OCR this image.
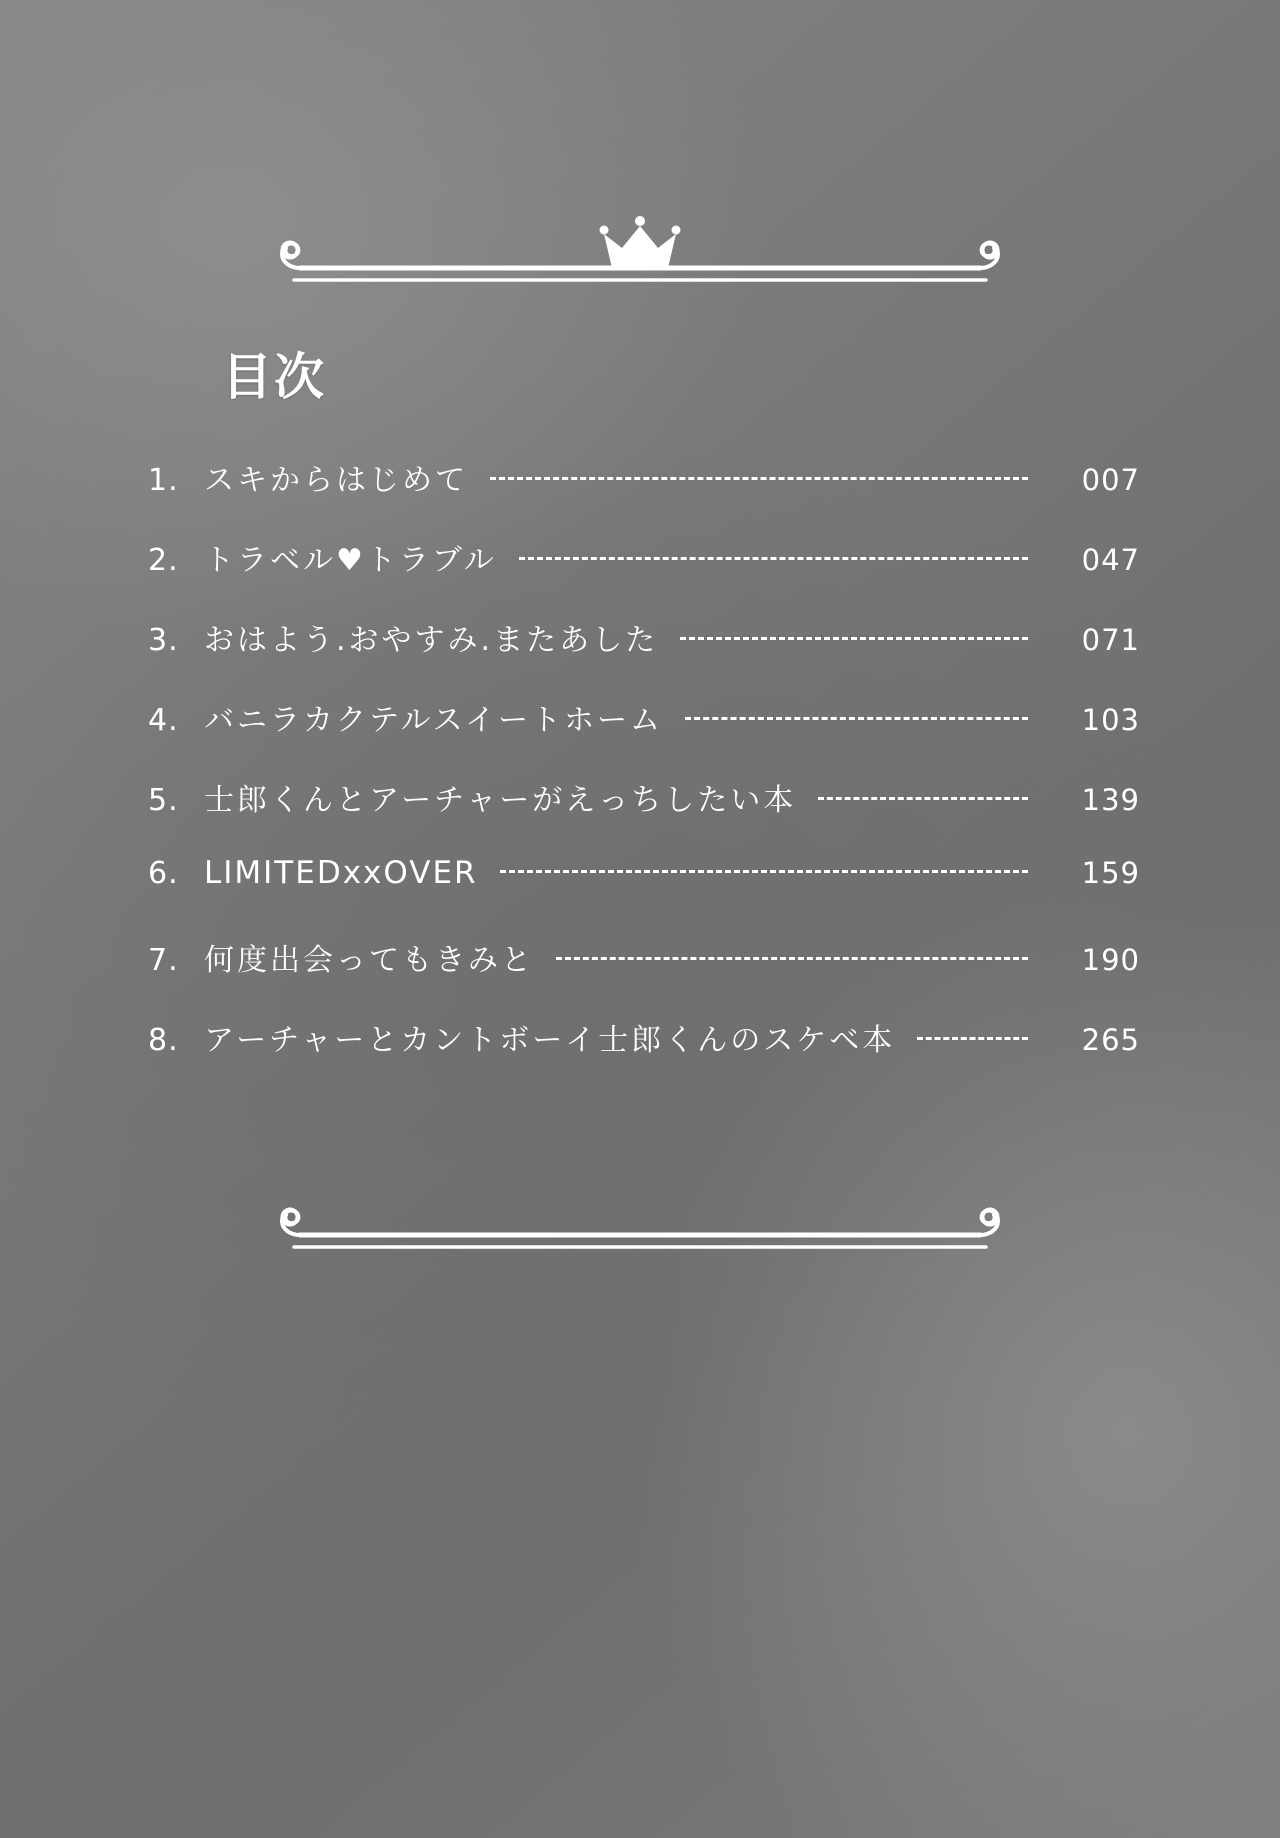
目次
1. スキからはじめて	007
2. トラベル♥トラブル	047
3. おはよう.おやすみ.またあした	071
4. バニラカクテルスイートホーム	103
5. 士郎くんとアーチャーがえっちしたい本	139
6. LIMITEDxxOVER	159
7. 何度出会ってもきみと	190
8. アーチャーとカントボーイ士郎くんのスケベ本	265
